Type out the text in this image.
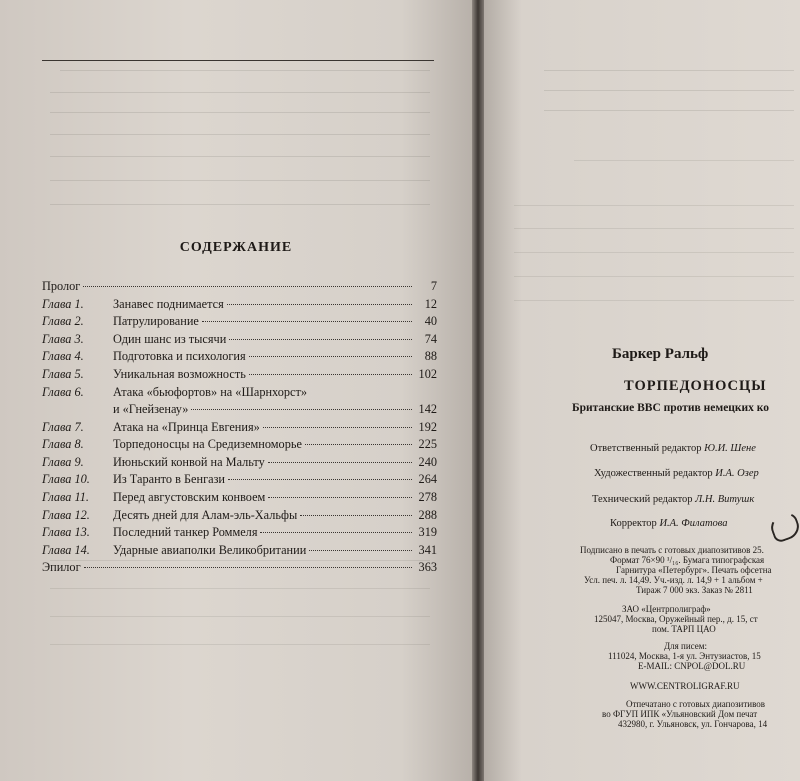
СОДЕРЖАНИЕ
Пролог	7
Глава 1.	Занавес поднимается	12
Глава 2.	Патрулирование	40
Глава 3.	Один шанс из тысячи	74
Глава 4.	Подготовка и психология	88
Глава 5.	Уникальная возможность	102
Глава 6.	Атака «бьюфортов» на «Шарнхорст»
и «Гнейзенау»	142
Глава 7.	Атака на «Принца Евгения»	192
Глава 8.	Торпедоносцы на Средиземноморье	225
Глава 9.	Июньский конвой на Мальту	240
Глава 10.	Из Таранто в Бенгази	264
Глава 11.	Перед августовским конвоем	278
Глава 12.	Десять дней для Алам-эль-Хальфы	288
Глава 13.	Последний танкер Роммеля	319
Глава 14.	Ударные авиаполки Великобритании	341
Эпилог	363
Баркер Ральф
ТОРПЕДОНОСЦЫ
Британские ВВС против немецких ко
Ответственный редактор Ю.И. Шене
Художественный редактор И.А. Озер
Технический редактор Л.Н. Витушк
Корректор И.А. Филатова
Подписано в печать с готовых диапозитивов 25.
Формат 76×90 ¹/₁₆. Бумага типографская
Гарнитура «Петербург». Печать офсетна
Усл. печ. л. 14,49. Уч.-изд. л. 14,9 + 1 альбом +
Тираж 7 000 экз. Заказ № 2811
ЗАО «Центрполиграф»
125047, Москва, Оружейный пер., д. 15, ст
пом. ТАРП ЦАО
Для писем:
111024, Москва, 1-я ул. Энтузиастов, 15
E-MAIL: CNPOL@DOL.RU
WWW.CENTROLIGRAF.RU
Отпечатано с готовых диапозитивов
во ФГУП ИПК «Ульяновский Дом печат
432980, г. Ульяновск, ул. Гончарова, 14
